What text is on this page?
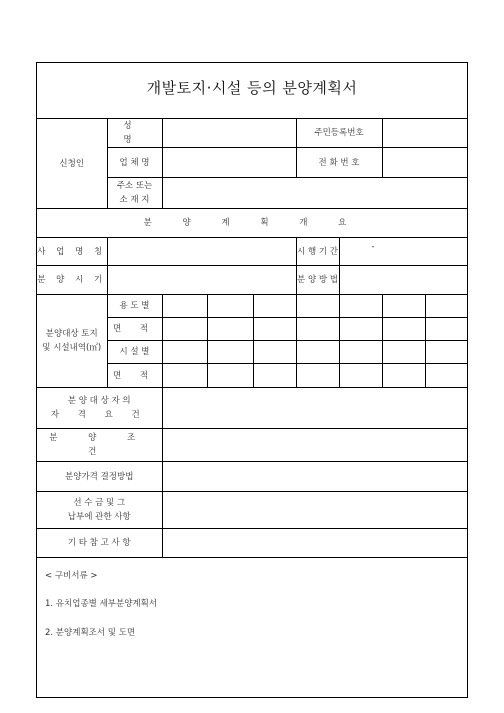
개발토지·시설 등의 분양계획서
신청인	성 명				주민등록번호			
	업 체 명				전 화 번 호			

	주소 또는
소 재 지							

분 양 계 획 개 요								
사 업 명 칭					시 행 기 간	-		
분 양 시 기					분 양 방 법			

분양대상 토지
및 시설내역(㎡)	용 도 별							
	면 적							
	시 설 별							
	면 적							

분 양 대 상 자 의
자 격 요 건								

분 양 조 건								
분양가격 결정방법								

선 수 금 및 그
납부에 관한 사항								

기 타 참 고 사 항								
< 구비서류 >
1. 유치업종별 세부분양계획서
2. 분양계획조서 및 도면
